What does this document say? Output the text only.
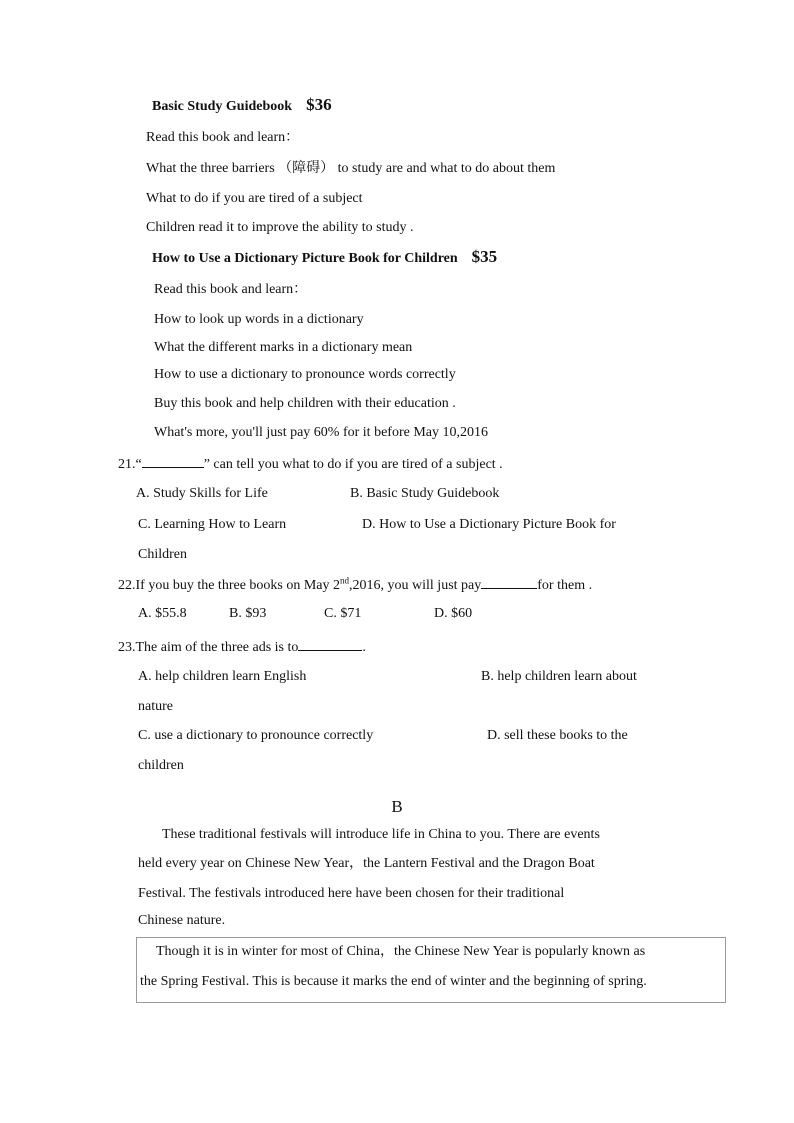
Basic Study Guidebook $36
Read this book and learn：
What the three barriers （障碍） to study are and what to do about them
What to do if you are tired of a subject
Children read it to improve the ability to study .
How to Use a Dictionary Picture Book for Children $35
Read this book and learn：
How to look up words in a dictionary
What the different marks in a dictionary mean
How to use a dictionary to pronounce words correctly
Buy this book and help children with their education .
What's more, you'll just pay 60% for it before May 10,2016
21.“	” can tell you what to do if you are tired of a subject .
A. Study Skills for Life	B. Basic Study Guidebook
C. Learning How to Learn	D. How to Use a Dictionary Picture Book for
Children
22.If you buy the three books on May 2nd,2016, you will just pay	for them .
A. $55.8	B. $93	C. $71	D. $60
23.The aim of the three ads is to	.
A. help children learn English	B. help children learn about
nature
C. use a dictionary to pronounce correctly	D. sell these books to the
children
B
These traditional festivals will introduce life in China to you. There are events
held every year on Chinese New Year，the Lantern Festival and the Dragon Boat
Festival. The festivals introduced here have been chosen for their traditional
Chinese nature.
Though it is in winter for most of China，the Chinese New Year is popularly known as
the Spring Festival. This is because it marks the end of winter and the beginning of spring.
